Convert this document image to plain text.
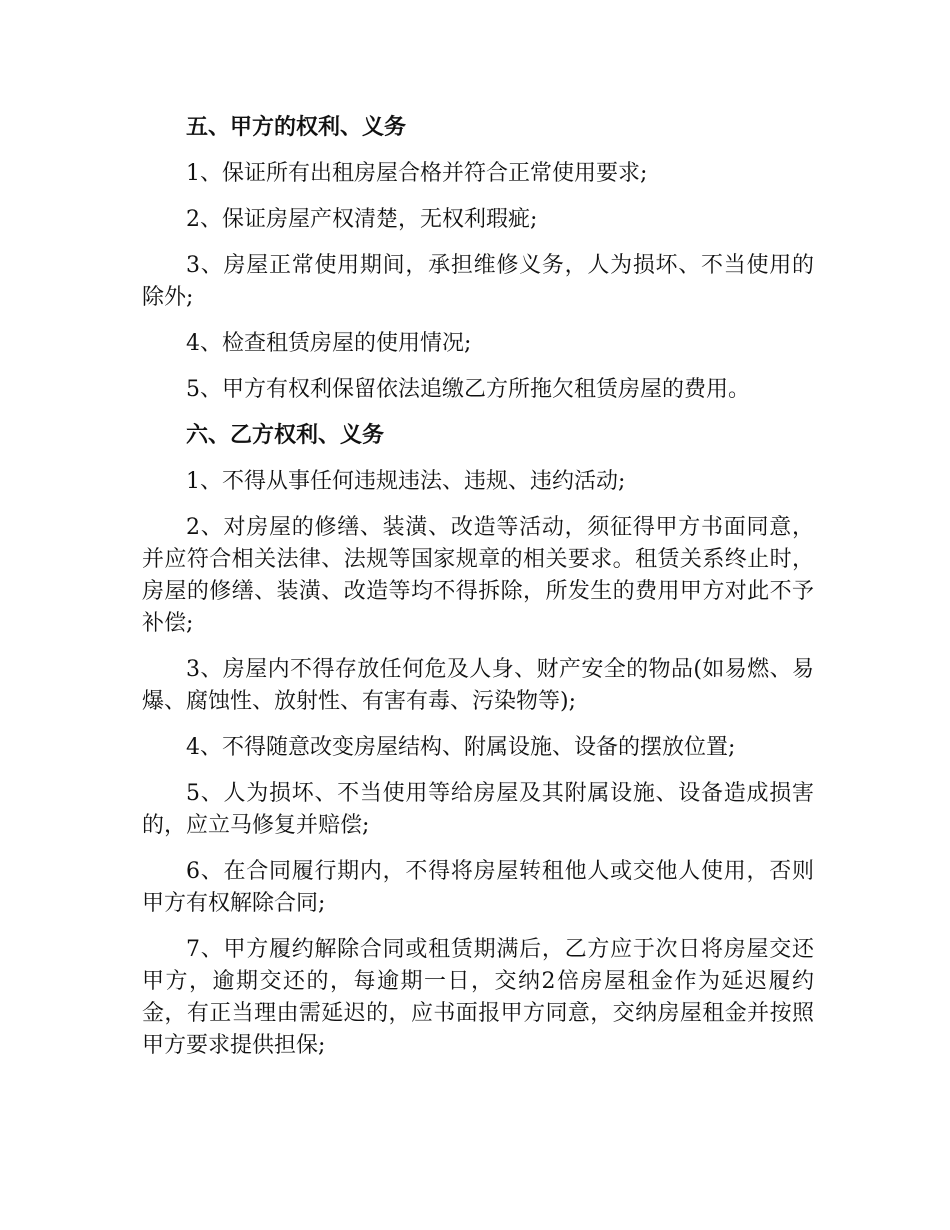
五、甲方的权利、义务

1、保证所有出租房屋合格并符合正常使用要求;

2、保证房屋产权清楚，无权利瑕疵;

3、房屋正常使用期间，承担维修义务，人为损坏、不当使用的除外;

4、检查租赁房屋的使用情况;

5、甲方有权利保留依法追缴乙方所拖欠租赁房屋的费用。

六、乙方权利、义务

1、不得从事任何违规违法、违规、违约活动;

2、对房屋的修缮、装潢、改造等活动，须征得甲方书面同意，并应符合相关法律、法规等国家规章的相关要求。租赁关系终止时，房屋的修缮、装潢、改造等均不得拆除，所发生的费用甲方对此不予补偿;

3、房屋内不得存放任何危及人身、财产安全的物品(如易燃、易爆、腐蚀性、放射性、有害有毒、污染物等);

4、不得随意改变房屋结构、附属设施、设备的摆放位置;

5、人为损坏、不当使用等给房屋及其附属设施、设备造成损害的，应立马修复并赔偿;

6、在合同履行期内，不得将房屋转租他人或交他人使用，否则甲方有权解除合同;

7、甲方履约解除合同或租赁期满后，乙方应于次日将房屋交还甲方，逾期交还的，每逾期一日，交纳2倍房屋租金作为延迟履约金，有正当理由需延迟的，应书面报甲方同意，交纳房屋租金并按照甲方要求提供担保;
